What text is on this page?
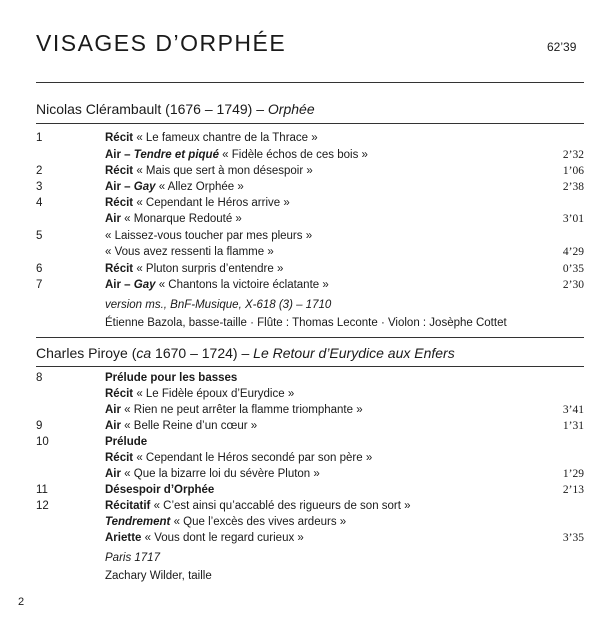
VISAGES D’ORPHÉE	62’39
Nicolas Clérambault (1676 – 1749) – Orphée
1	Récit « Le fameux chantre de la Thrace »
Air – Tendre et piqué « Fidèle échos de ces bois »	2’32
2	Récit « Mais que sert à mon désespoir »	1’06
3	Air – Gay « Allez Orphée »	2’38
4	Récit « Cependant le Héros arrive »
Air « Monarque Redouté »	3’01
5	« Laissez-vous toucher par mes pleurs »
« Vous avez ressenti la flamme »	4’29
6	Récit « Pluton surpris d’entendre »	0’35
7	Air – Gay « Chantons la victoire éclatante »	2’30
version ms., BnF-Musique, X-618 (3) – 1710
Étienne Bazola, basse-taille · Flûte : Thomas Leconte · Violon : Josèphe Cottet
Charles Piroye (ca 1670 – 1724) – Le Retour d’Eurydice aux Enfers
8	Prélude pour les basses
Récit « Le Fidèle époux d’Eurydice »
Air « Rien ne peut arrêter la flamme triomphante »	3’41
9	Air « Belle Reine d’un cœur »	1’31
10	Prélude
Récit « Cependant le Héros secondé par son père »
Air « Que la bizarre loi du sévère Pluton »	1’29
11	Désespoir d’Orphée	2’13
12	Récitatif « C’est ainsi qu’accablé des rigueurs de son sort »
Tendrement « Que l’excès des vives ardeurs »
Ariette « Vous dont le regard curieux »	3’35
Paris 1717
Zachary Wilder, taille
2
